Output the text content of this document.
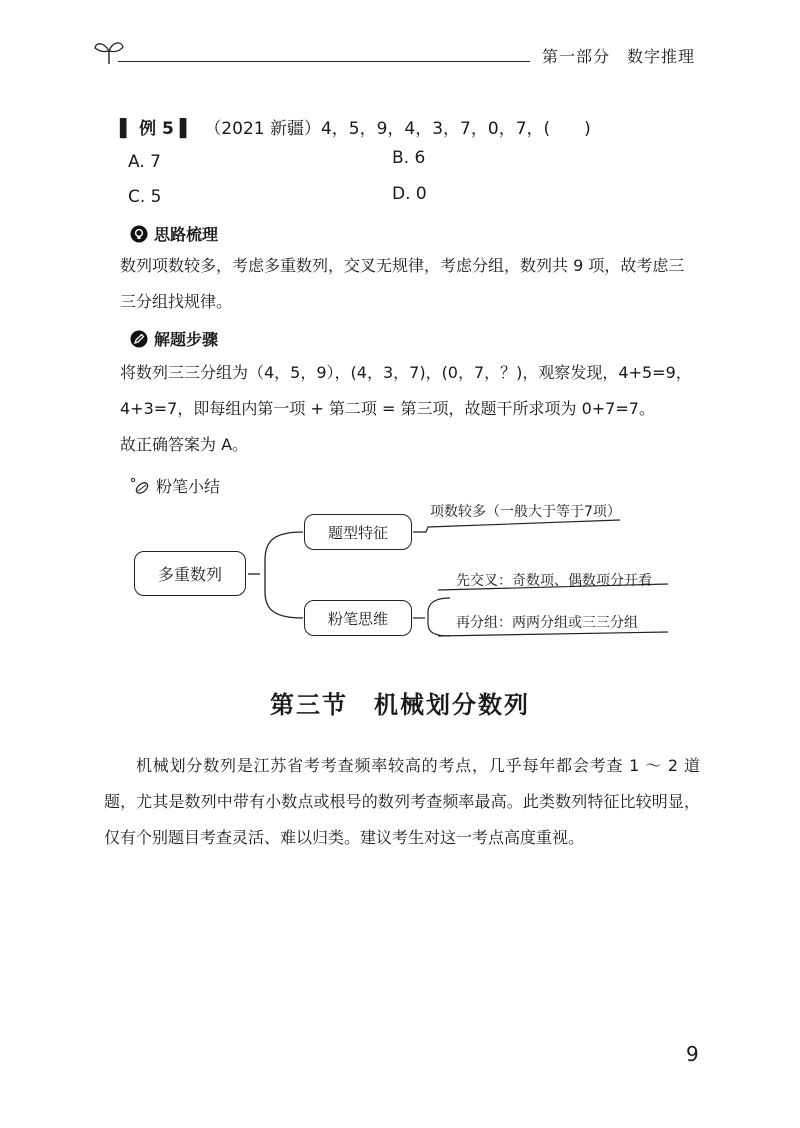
第一部分　数字推理
▌ 例 5 ▌ （2021 新疆）4，5，9，4，3，7，0，7，(　　)
A. 7	B. 6
C. 5	D. 0
思路梳理
数列项数较多，考虑多重数列，交叉无规律，考虑分组，数列共 9 项，故考虑三
三分组找规律。
解题步骤
将数列三三分组为（4，5，9），(4，3，7)，(0，7，？)，观察发现，4+5=9，
4+3=7，即每组内第一项 + 第二项 = 第三项，故题干所求项为 0+7=7。
故正确答案为 A。
粉笔小结
多重数列
题型特征
粉笔思维
项数较多（一般大于等于7项）
先交叉：奇数项、偶数项分开看
再分组：两两分组或三三分组
第三节　机械划分数列
机械划分数列是江苏省考考查频率较高的考点，几乎每年都会考查 1 ～ 2 道题，尤其是数列中带有小数点或根号的数列考查频率最高。此类数列特征比较明显，仅有个别题目考查灵活、难以归类。建议考生对这一考点高度重视。
9
